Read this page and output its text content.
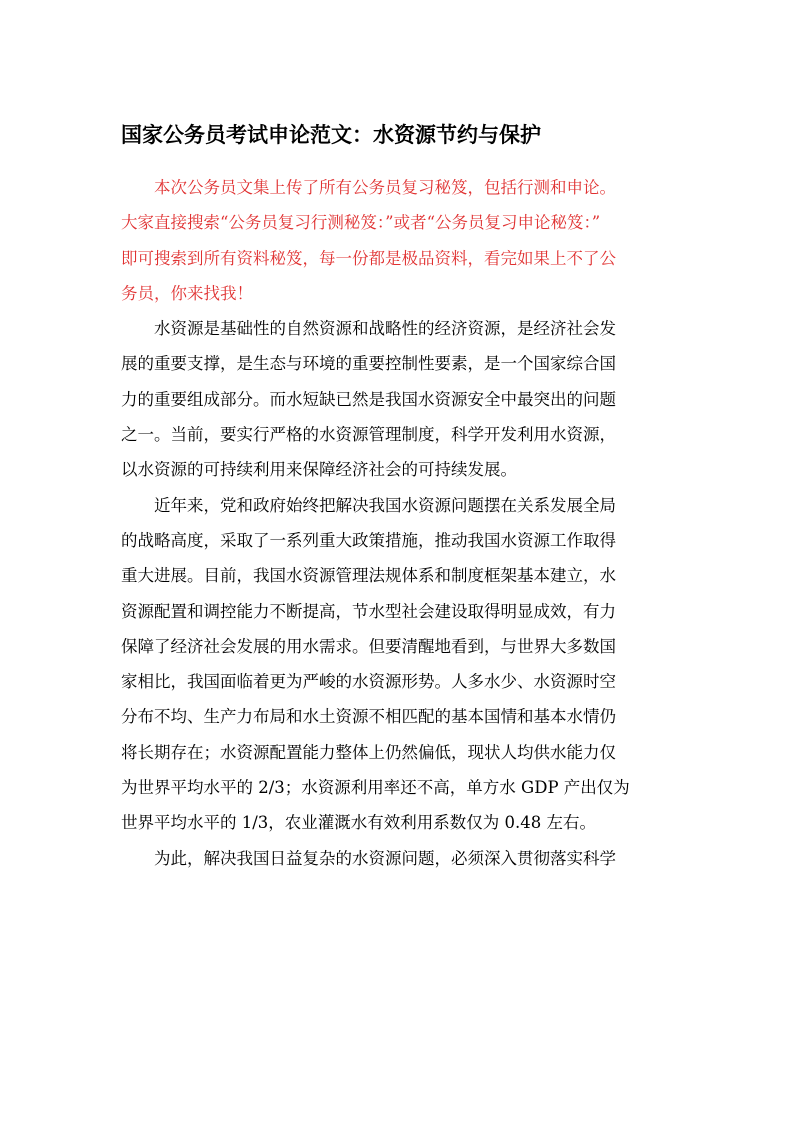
国家公务员考试申论范文：水资源节约与保护

本次公务员文集上传了所有公务员复习秘笈，包括行测和申论。
大家直接搜索“公务员复习行测秘笈：”或者“公务员复习申论秘笈：”
即可搜索到所有资料秘笈，每一份都是极品资料，看完如果上不了公
务员，你来找我！

水资源是基础性的自然资源和战略性的经济资源，是经济社会发
展的重要支撑，是生态与环境的重要控制性要素，是一个国家综合国
力的重要组成部分。而水短缺已然是我国水资源安全中最突出的问题
之一。当前，要实行严格的水资源管理制度，科学开发利用水资源，
以水资源的可持续利用来保障经济社会的可持续发展。

近年来，党和政府始终把解决我国水资源问题摆在关系发展全局
的战略高度，采取了一系列重大政策措施，推动我国水资源工作取得
重大进展。目前，我国水资源管理法规体系和制度框架基本建立，水
资源配置和调控能力不断提高，节水型社会建设取得明显成效，有力
保障了经济社会发展的用水需求。但要清醒地看到，与世界大多数国
家相比，我国面临着更为严峻的水资源形势。人多水少、水资源时空
分布不均、生产力布局和水土资源不相匹配的基本国情和基本水情仍
将长期存在；水资源配置能力整体上仍然偏低，现状人均供水能力仅
为世界平均水平的 2/3；水资源利用率还不高，单方水 GDP 产出仅为
世界平均水平的 1/3，农业灌溉水有效利用系数仅为 0.48 左右。

为此，解决我国日益复杂的水资源问题，必须深入贯彻落实科学
